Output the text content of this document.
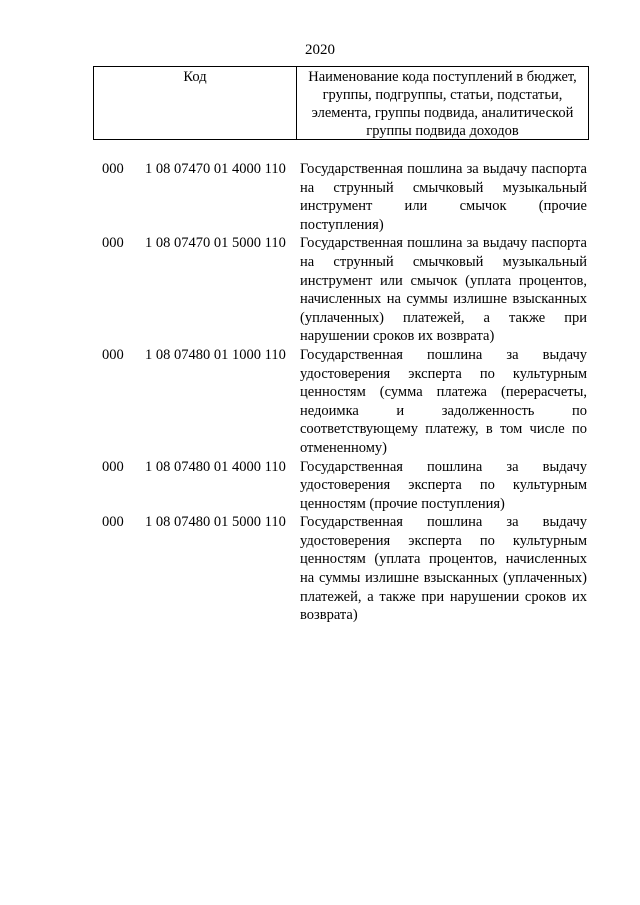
2020
Код	Наименование кода поступлений в бюджет, группы, подгруппы, статьи, подстатьи, элемента, группы подвида, аналитической группы подвида доходов
000 1 08 07470 01 4000 110 Государственная пошлина за выдачу паспорта на струнный смычковый музыкальный инструмент или смычок (прочие поступления)
000 1 08 07470 01 5000 110 Государственная пошлина за выдачу паспорта на струнный смычковый музыкальный инструмент или смычок (уплата процентов, начисленных на суммы излишне взысканных (уплаченных) платежей, а также при нарушении сроков их возврата)
000 1 08 07480 01 1000 110 Государственная пошлина за выдачу удостоверения эксперта по культурным ценностям (сумма платежа (перерасчеты, недоимка и задолженность по соответствующему платежу, в том числе по отмененному)
000 1 08 07480 01 4000 110 Государственная пошлина за выдачу удостоверения эксперта по культурным ценностям (прочие поступления)
000 1 08 07480 01 5000 110 Государственная пошлина за выдачу удостоверения эксперта по культурным ценностям (уплата процентов, начисленных на суммы излишне взысканных (уплаченных) платежей, а также при нарушении сроков их возврата)
